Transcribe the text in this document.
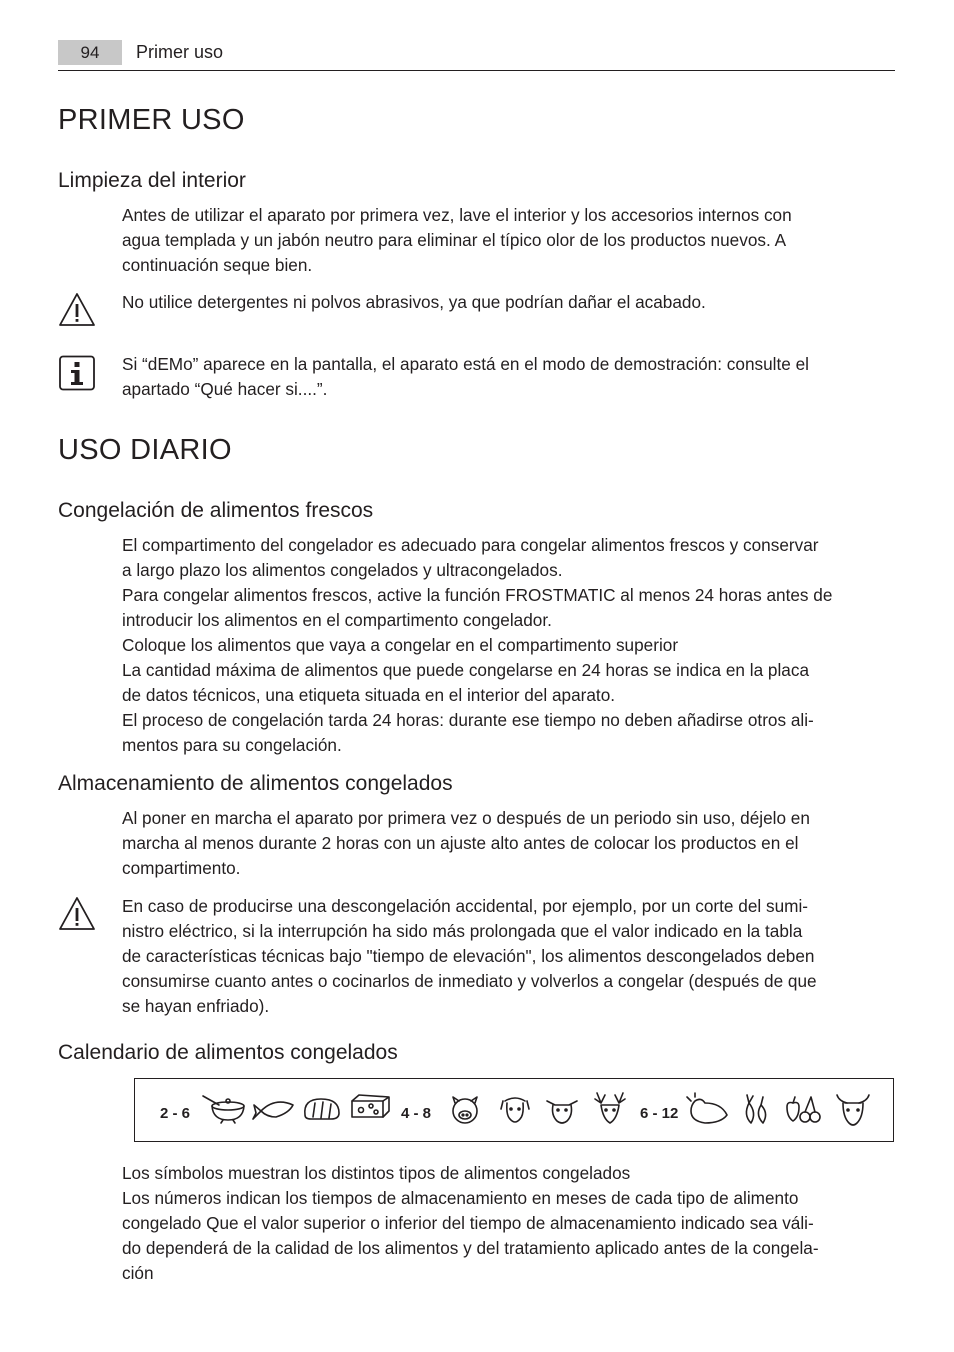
94	Primer uso
PRIMER USO
Limpieza del interior
Antes de utilizar el aparato por primera vez, lave el interior y los accesorios internos con
agua templada y un jabón neutro para eliminar el típico olor de los productos nuevos. A
continuación seque bien.
No utilice detergentes ni polvos abrasivos, ya que podrían dañar el acabado.
Si “dEMo” aparece en la pantalla, el aparato está en el modo de demostración: consulte el
apartado “Qué hacer si....”.
USO DIARIO
Congelación de alimentos frescos
El compartimento del congelador es adecuado para congelar alimentos frescos y conservar
a largo plazo los alimentos congelados y ultracongelados.
Para congelar alimentos frescos, active la función FROSTMATIC al menos 24 horas antes de
introducir los alimentos en el compartimento congelador.
Coloque los alimentos que vaya a congelar en el compartimento superior
La cantidad máxima de alimentos que puede congelarse en 24 horas se indica en la placa
de datos técnicos, una etiqueta situada en el interior del aparato.
El proceso de congelación tarda 24 horas: durante ese tiempo no deben añadirse otros ali-
mentos para su congelación.
Almacenamiento de alimentos congelados
Al poner en marcha el aparato por primera vez o después de un periodo sin uso, déjelo en
marcha al menos durante 2 horas con un ajuste alto antes de colocar los productos en el
compartimento.
En caso de producirse una descongelación accidental, por ejemplo, por un corte del sumi-
nistro eléctrico, si la interrupción ha sido más prolongada que el valor indicado en la tabla
de características técnicas bajo "tiempo de elevación", los alimentos descongelados deben
consumirse cuanto antes o cocinarlos de inmediato y volverlos a congelar (después de que
se hayan enfriado).
Calendario de alimentos congelados
2 - 6	4 - 8	6 - 12
Los símbolos muestran los distintos tipos de alimentos congelados
Los números indican los tiempos de almacenamiento en meses de cada tipo de alimento
congelado Que el valor superior o inferior del tiempo de almacenamiento indicado sea váli-
do dependerá de la calidad de los alimentos y del tratamiento aplicado antes de la congela-
ción
